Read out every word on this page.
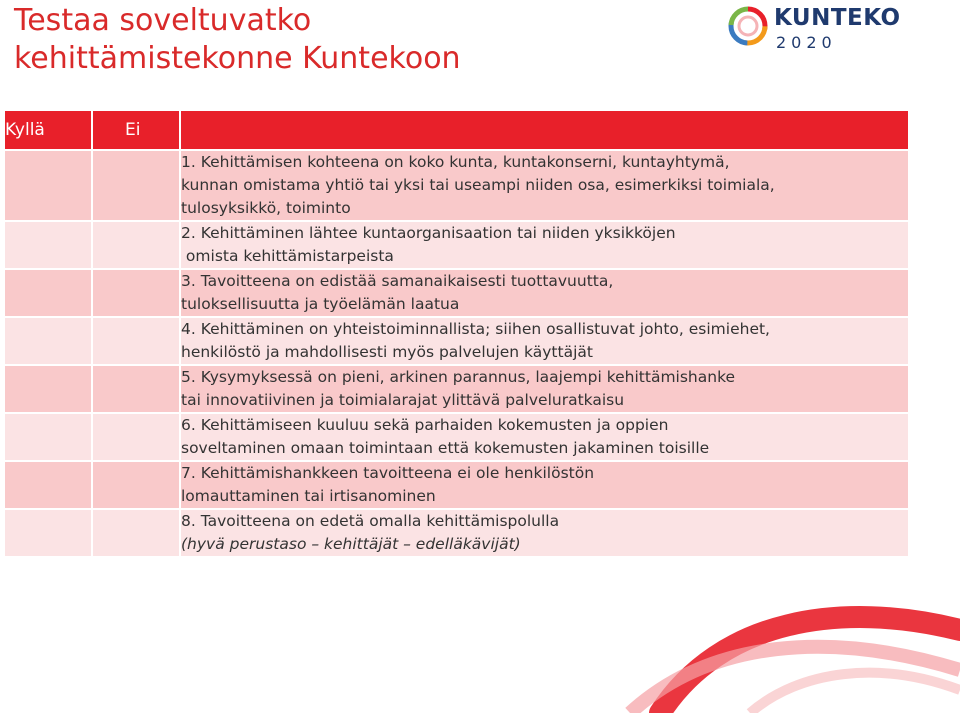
Testaa soveltuvatko
kehittämistekonne Kuntekoon
KUNTEKO
2020
Kyllä	Ei	

		1. Kehittämisen kohteena on koko kunta, kuntakonserni, kuntayhtymä,
kunnan omistama yhtiö tai yksi tai useampi niiden osa, esimerkiksi toimiala,
tulosyksikkö, toiminto

		2. Kehittäminen lähtee kuntaorganisaation tai niiden yksikköjen
omista kehittämistarpeista

		3. Tavoitteena on edistää samanaikaisesti tuottavuutta,
tuloksellisuutta ja työelämän laatua

		4. Kehittäminen on yhteistoiminnallista; siihen osallistuvat johto, esimiehet,
henkilöstö ja mahdollisesti myös palvelujen käyttäjät

		5. Kysymyksessä on pieni, arkinen parannus, laajempi kehittämishanke
tai innovatiivinen ja toimialarajat ylittävä palveluratkaisu

		6. Kehittämiseen kuuluu sekä parhaiden kokemusten ja oppien
soveltaminen omaan toimintaan että kokemusten jakaminen toisille

		7. Kehittämishankkeen tavoitteena ei ole henkilöstön
lomauttaminen tai irtisanominen

		8. Tavoitteena on edetä omalla kehittämispolulla
(hyvä perustaso – kehittäjät – edelläkävijät)
